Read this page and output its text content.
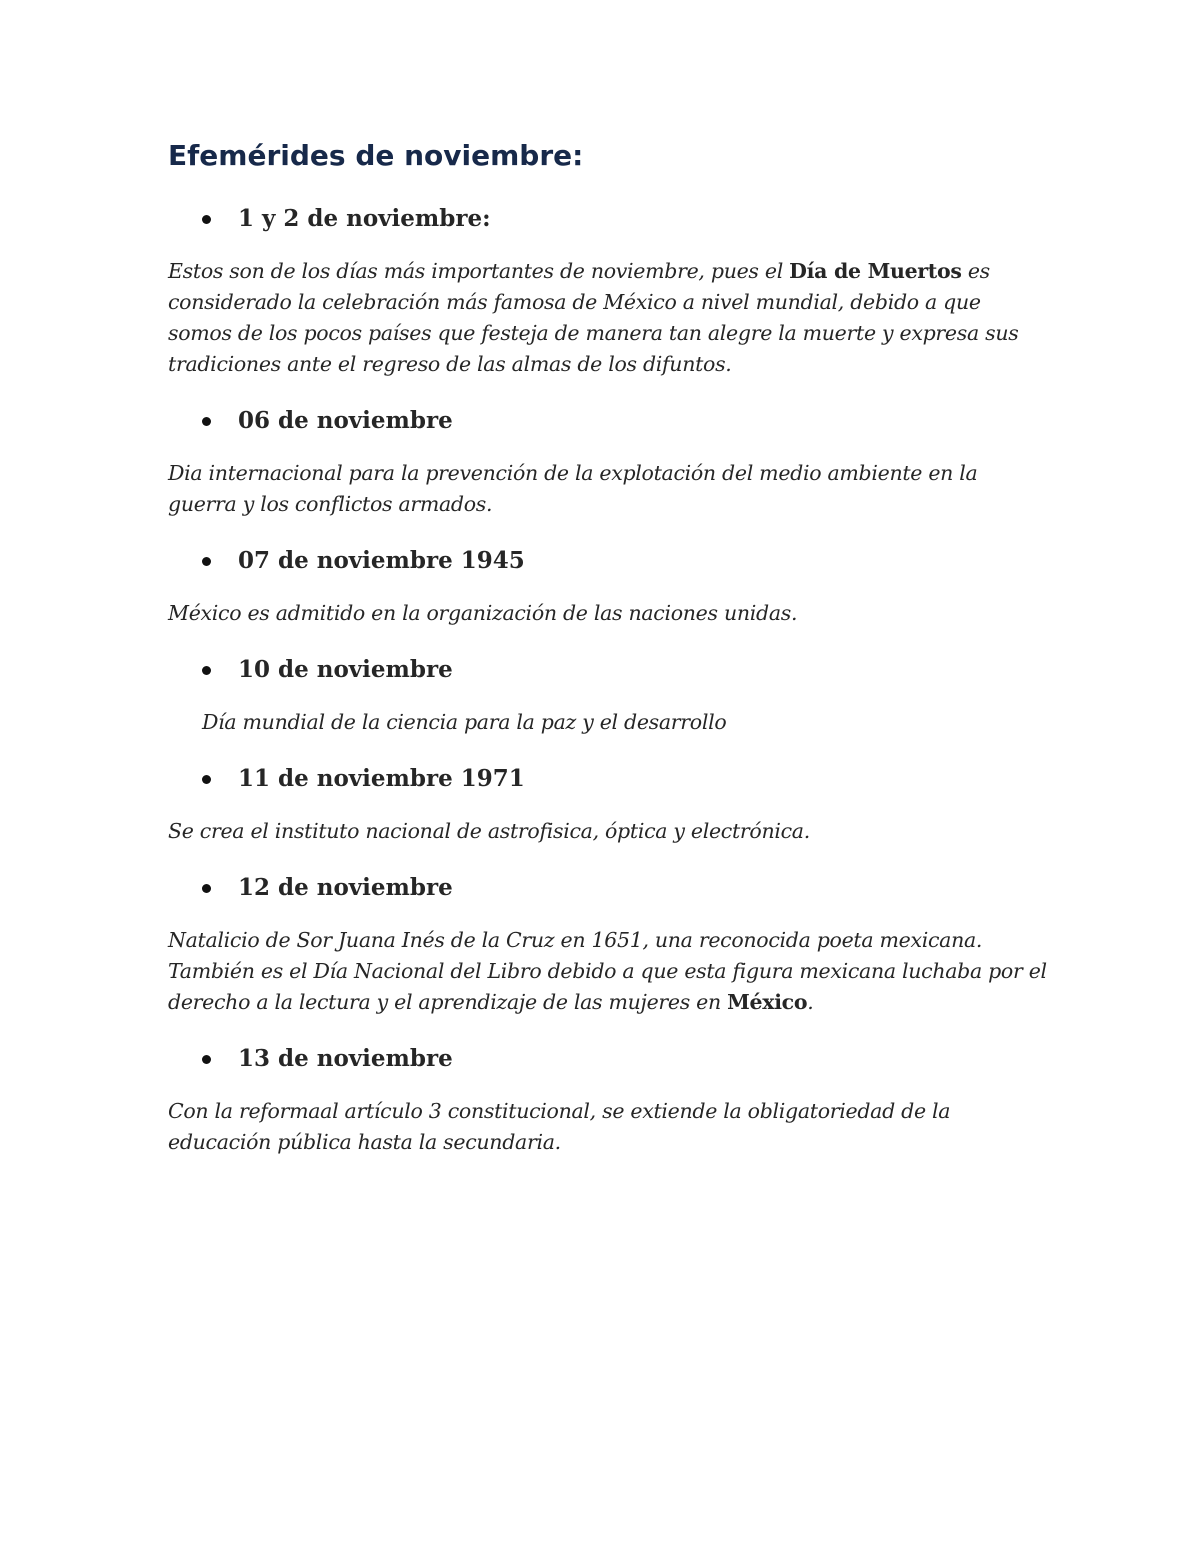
Efemérides de noviembre:
1 y 2 de noviembre:

Estos son de los días más importantes de noviembre, pues el Día de Muertos es considerado la celebración más famosa de México a nivel mundial, debido a que somos de los pocos países que festeja de manera tan alegre la muerte y expresa sus tradiciones ante el regreso de las almas de los difuntos.

06 de noviembre

Dia internacional para la prevención de la explotación del medio ambiente en la guerra y los conflictos armados.

07 de noviembre 1945

México es admitido en la organización de las naciones unidas.

10 de noviembre

Día mundial de la ciencia para la paz y el desarrollo

11 de noviembre 1971

Se crea el instituto nacional de astrofisica, óptica y electrónica.

12 de noviembre

Natalicio de Sor Juana Inés de la Cruz en 1651, una reconocida poeta mexicana. También es el Día Nacional del Libro debido a que esta figura mexicana luchaba por el derecho a la lectura y el aprendizaje de las mujeres en México.

13 de noviembre

Con la reformaal artículo 3 constitucional, se extiende la obligatoriedad de la educación pública hasta la secundaria.
